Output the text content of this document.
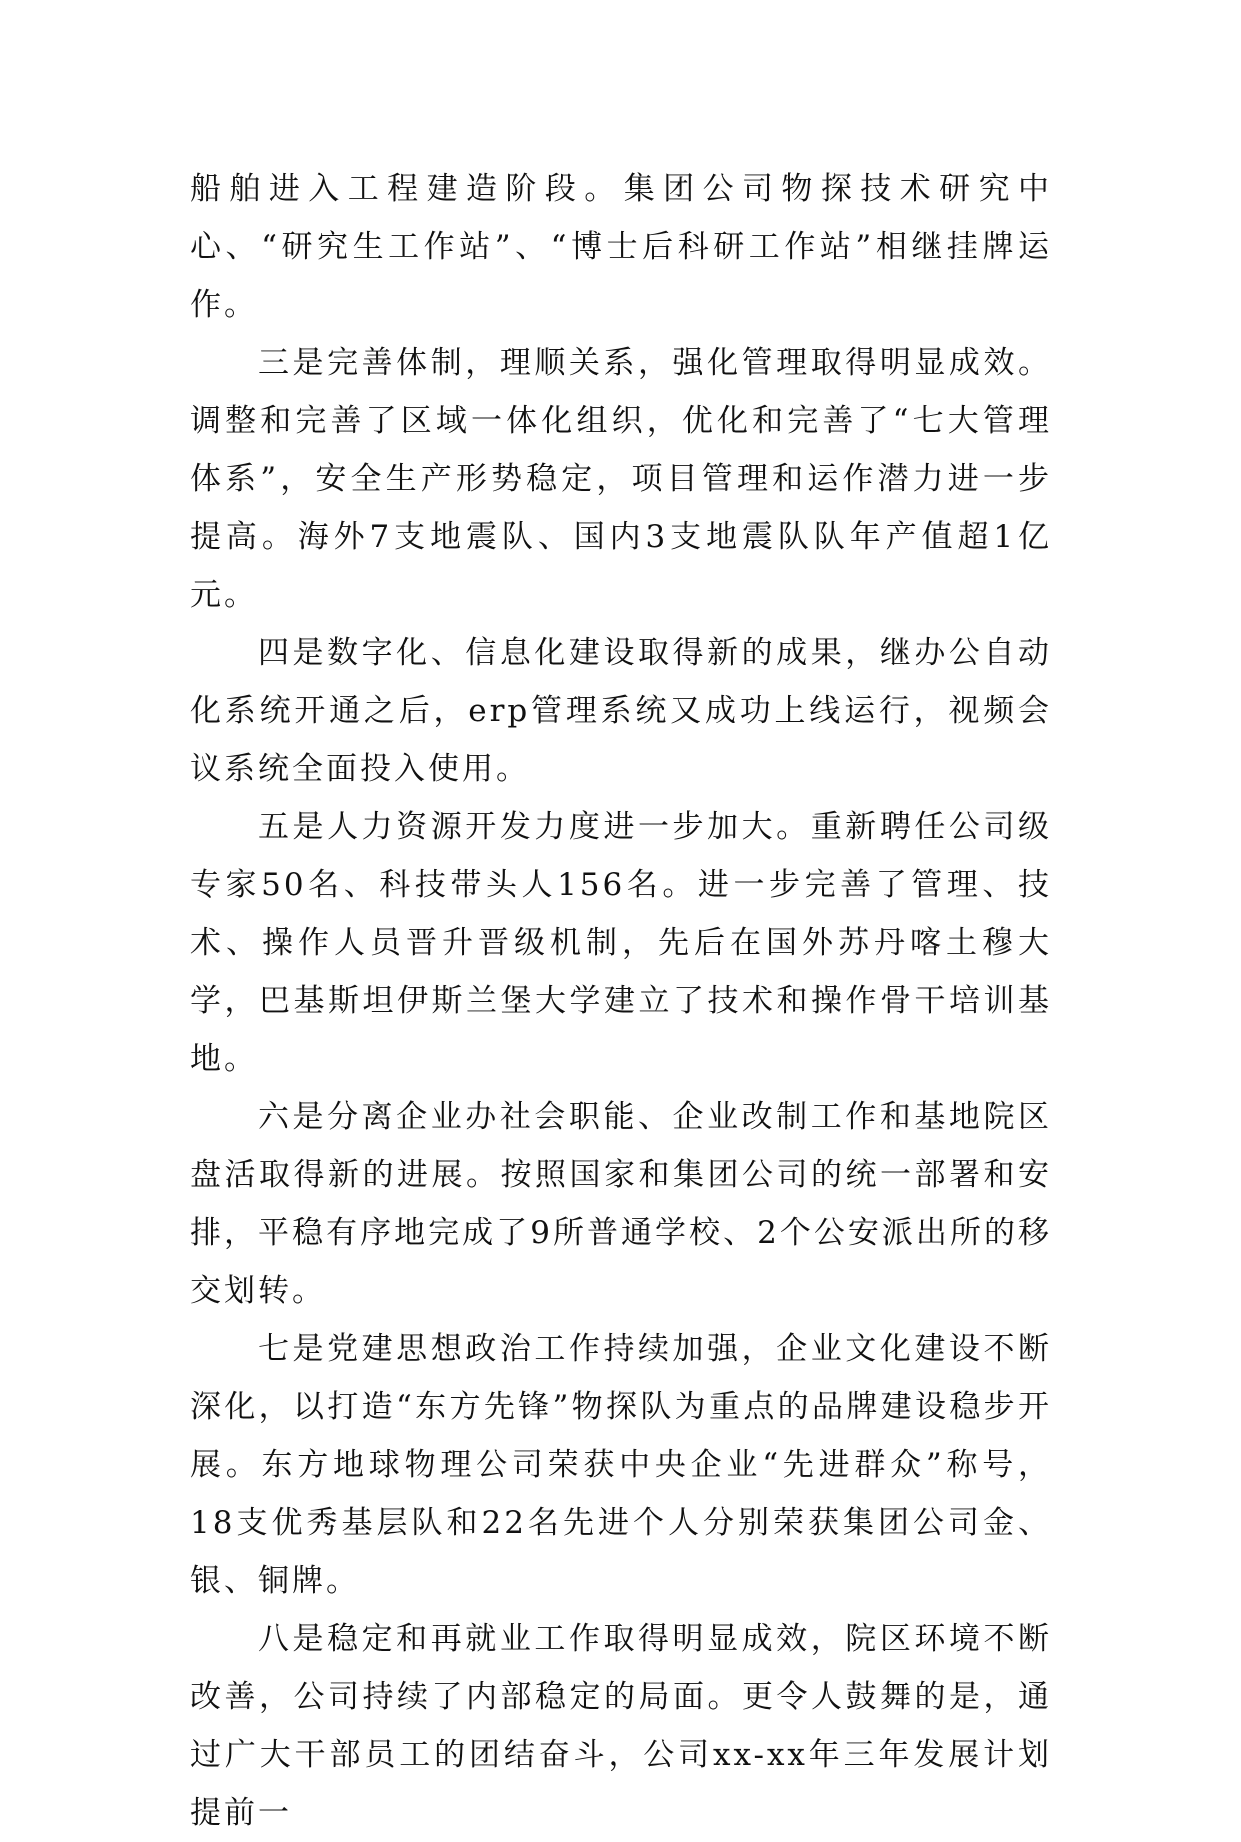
船舶进入工程建造阶段。集团公司物探技术研究中心、“研究生工作站”、“博士后科研工作站”相继挂牌运作。

三是完善体制，理顺关系，强化管理取得明显成效。调整和完善了区域一体化组织，优化和完善了“七大管理体系”，安全生产形势稳定，项目管理和运作潜力进一步提高。海外7支地震队、国内3支地震队队年产值超1亿元。

四是数字化、信息化建设取得新的成果，继办公自动化系统开通之后，erp管理系统又成功上线运行，视频会议系统全面投入使用。

五是人力资源开发力度进一步加大。重新聘任公司级专家50名、科技带头人156名。进一步完善了管理、技术、操作人员晋升晋级机制，先后在国外苏丹喀土穆大学，巴基斯坦伊斯兰堡大学建立了技术和操作骨干培训基地。

六是分离企业办社会职能、企业改制工作和基地院区盘活取得新的进展。按照国家和集团公司的统一部署和安排，平稳有序地完成了9所普通学校、2个公安派出所的移交划转。

七是党建思想政治工作持续加强，企业文化建设不断深化，以打造“东方先锋”物探队为重点的品牌建设稳步开展。东方地球物理公司荣获中央企业“先进群众”称号，18支优秀基层队和22名先进个人分别荣获集团公司金、银、铜牌。

八是稳定和再就业工作取得明显成效，院区环境不断改善，公司持续了内部稳定的局面。更令人鼓舞的是，通过广大干部员工的团结奋斗，公司xx-xx年三年发展计划提前一
